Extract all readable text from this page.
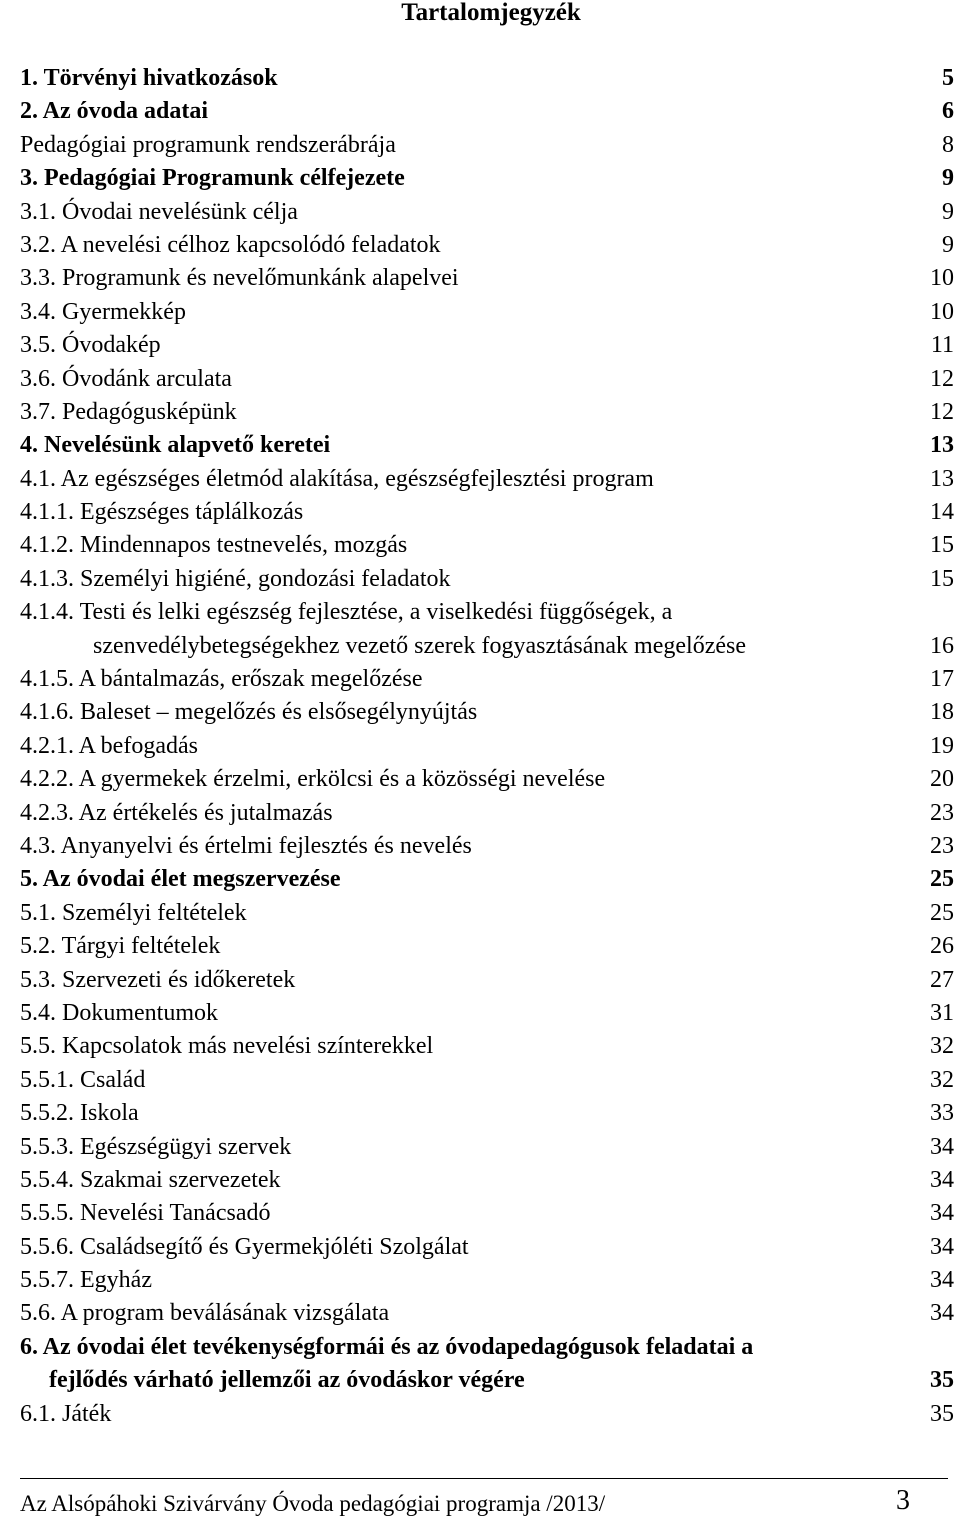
Tartalomjegyzék
1. Törvényi hivatkozások	5
2. Az óvoda adatai	6
Pedagógiai programunk rendszerábrája	8
3. Pedagógiai Programunk célfejezete	9
3.1. Óvodai nevelésünk célja	9
3.2. A nevelési célhoz kapcsolódó feladatok	9
3.3. Programunk és nevelőmunkánk alapelvei	10
3.4. Gyermekkép	10
3.5. Óvodakép	11
3.6. Óvodánk arculata	12
3.7. Pedagógusképünk	12
4. Nevelésünk alapvető keretei	13
4.1. Az egészséges életmód alakítása, egészségfejlesztési program	13
4.1.1. Egészséges táplálkozás	14
4.1.2. Mindennapos testnevelés, mozgás	15
4.1.3. Személyi higiéné, gondozási feladatok	15
4.1.4. Testi és lelki egészség fejlesztése, a viselkedési függőségek, a
szenvedélybetegségekhez vezető szerek fogyasztásának megelőzése	16
4.1.5. A bántalmazás, erőszak megelőzése	17
4.1.6. Baleset – megelőzés és elsősegélynyújtás	18
4.2.1. A befogadás	19
4.2.2. A gyermekek érzelmi, erkölcsi és a közösségi nevelése	20
4.2.3. Az értékelés és jutalmazás	23
4.3. Anyanyelvi és értelmi fejlesztés és nevelés	23
5. Az óvodai élet megszervezése	25
5.1. Személyi feltételek	25
5.2. Tárgyi feltételek	26
5.3. Szervezeti és időkeretek	27
5.4. Dokumentumok	31
5.5. Kapcsolatok más nevelési színterekkel	32
5.5.1. Család	32
5.5.2. Iskola	33
5.5.3. Egészségügyi szervek	34
5.5.4. Szakmai szervezetek	34
5.5.5. Nevelési Tanácsadó	34
5.5.6. Családsegítő és Gyermekjóléti Szolgálat	34
5.5.7. Egyház	34
5.6. A program beválásának vizsgálata	34
6. Az óvodai élet tevékenységformái és az óvodapedagógusok feladatai a
fejlődés várható jellemzői az óvodáskor végére	35
6.1. Játék	35
Az Alsópáhoki Szivárvány Óvoda pedagógiai programja /2013/	3
